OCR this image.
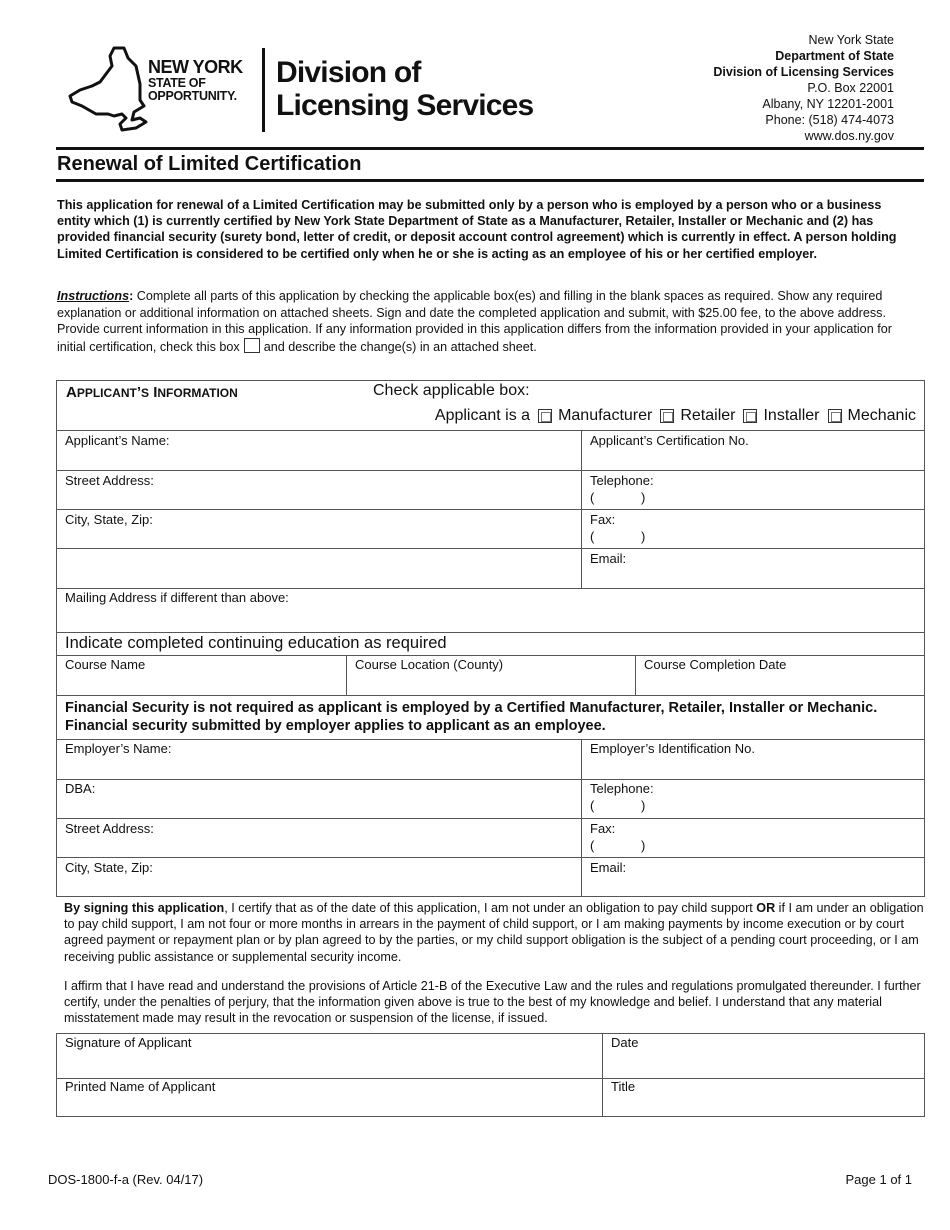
NEW YORK
STATE OF
OPPORTUNITY.
Division of
Licensing Services
New York State
Department of State
Division of Licensing Services
P.O. Box 22001
Albany, NY 12201-2001
Phone: (518) 474-4073
www.dos.ny.gov
Renewal of Limited Certification
This application for renewal of a Limited Certification may be submitted only by a person who is employed by a person who or a business entity which (1) is currently certified by New York State Department of State as a Manufacturer, Retailer, Installer or Mechanic and (2) has provided financial security (surety bond, letter of credit, or deposit account control agreement) which is currently in effect. A person holding Limited Certification is considered to be certified only when he or she is acting as an employee of his or her certified employer.
Instructions: Complete all parts of this application by checking the applicable box(es) and filling in the blank spaces as required. Show any required explanation or additional information on attached sheets. Sign and date the completed application and submit, with $25.00 fee, to the above address. Provide current information in this application. If any information provided in this application differs from the information provided in your application for initial certification, check this box and describe the change(s) in an attached sheet.
APPLICANT’S INFORMATION	Check applicable box:
Applicant is a Manufacturer Retailer Installer Mechanic
Applicant’s Name:	Applicant’s Certification No.
Street Address:	Telephone:
(	)
City, State, Zip:	Fax:
(	)
Email:
Mailing Address if different than above:
Indicate completed continuing education as required
Course Name	Course Location (County)	Course Completion Date
Financial Security is not required as applicant is employed by a Certified Manufacturer, Retailer, Installer or Mechanic. Financial security submitted by employer applies to applicant as an employee.
Employer’s Name:	Employer’s Identification No.
DBA:	Telephone:
(	)
Street Address:	Fax:
(	)
City, State, Zip:	Email:
By signing this application, I certify that as of the date of this application, I am not under an obligation to pay child support OR if I am under an obligation to pay child support, I am not four or more months in arrears in the payment of child support, or I am making payments by income execution or by court agreed payment or repayment plan or by plan agreed to by the parties, or my child support obligation is the subject of a pending court proceeding, or I am receiving public assistance or supplemental security income.
I affirm that I have read and understand the provisions of Article 21-B of the Executive Law and the rules and regulations promulgated thereunder. I further certify, under the penalties of perjury, that the information given above is true to the best of my knowledge and belief. I understand that any material misstatement made may result in the revocation or suspension of the license, if issued.
Signature of Applicant	Date
Printed Name of Applicant	Title
DOS-1800-f-a (Rev. 04/17)	Page 1 of 1
